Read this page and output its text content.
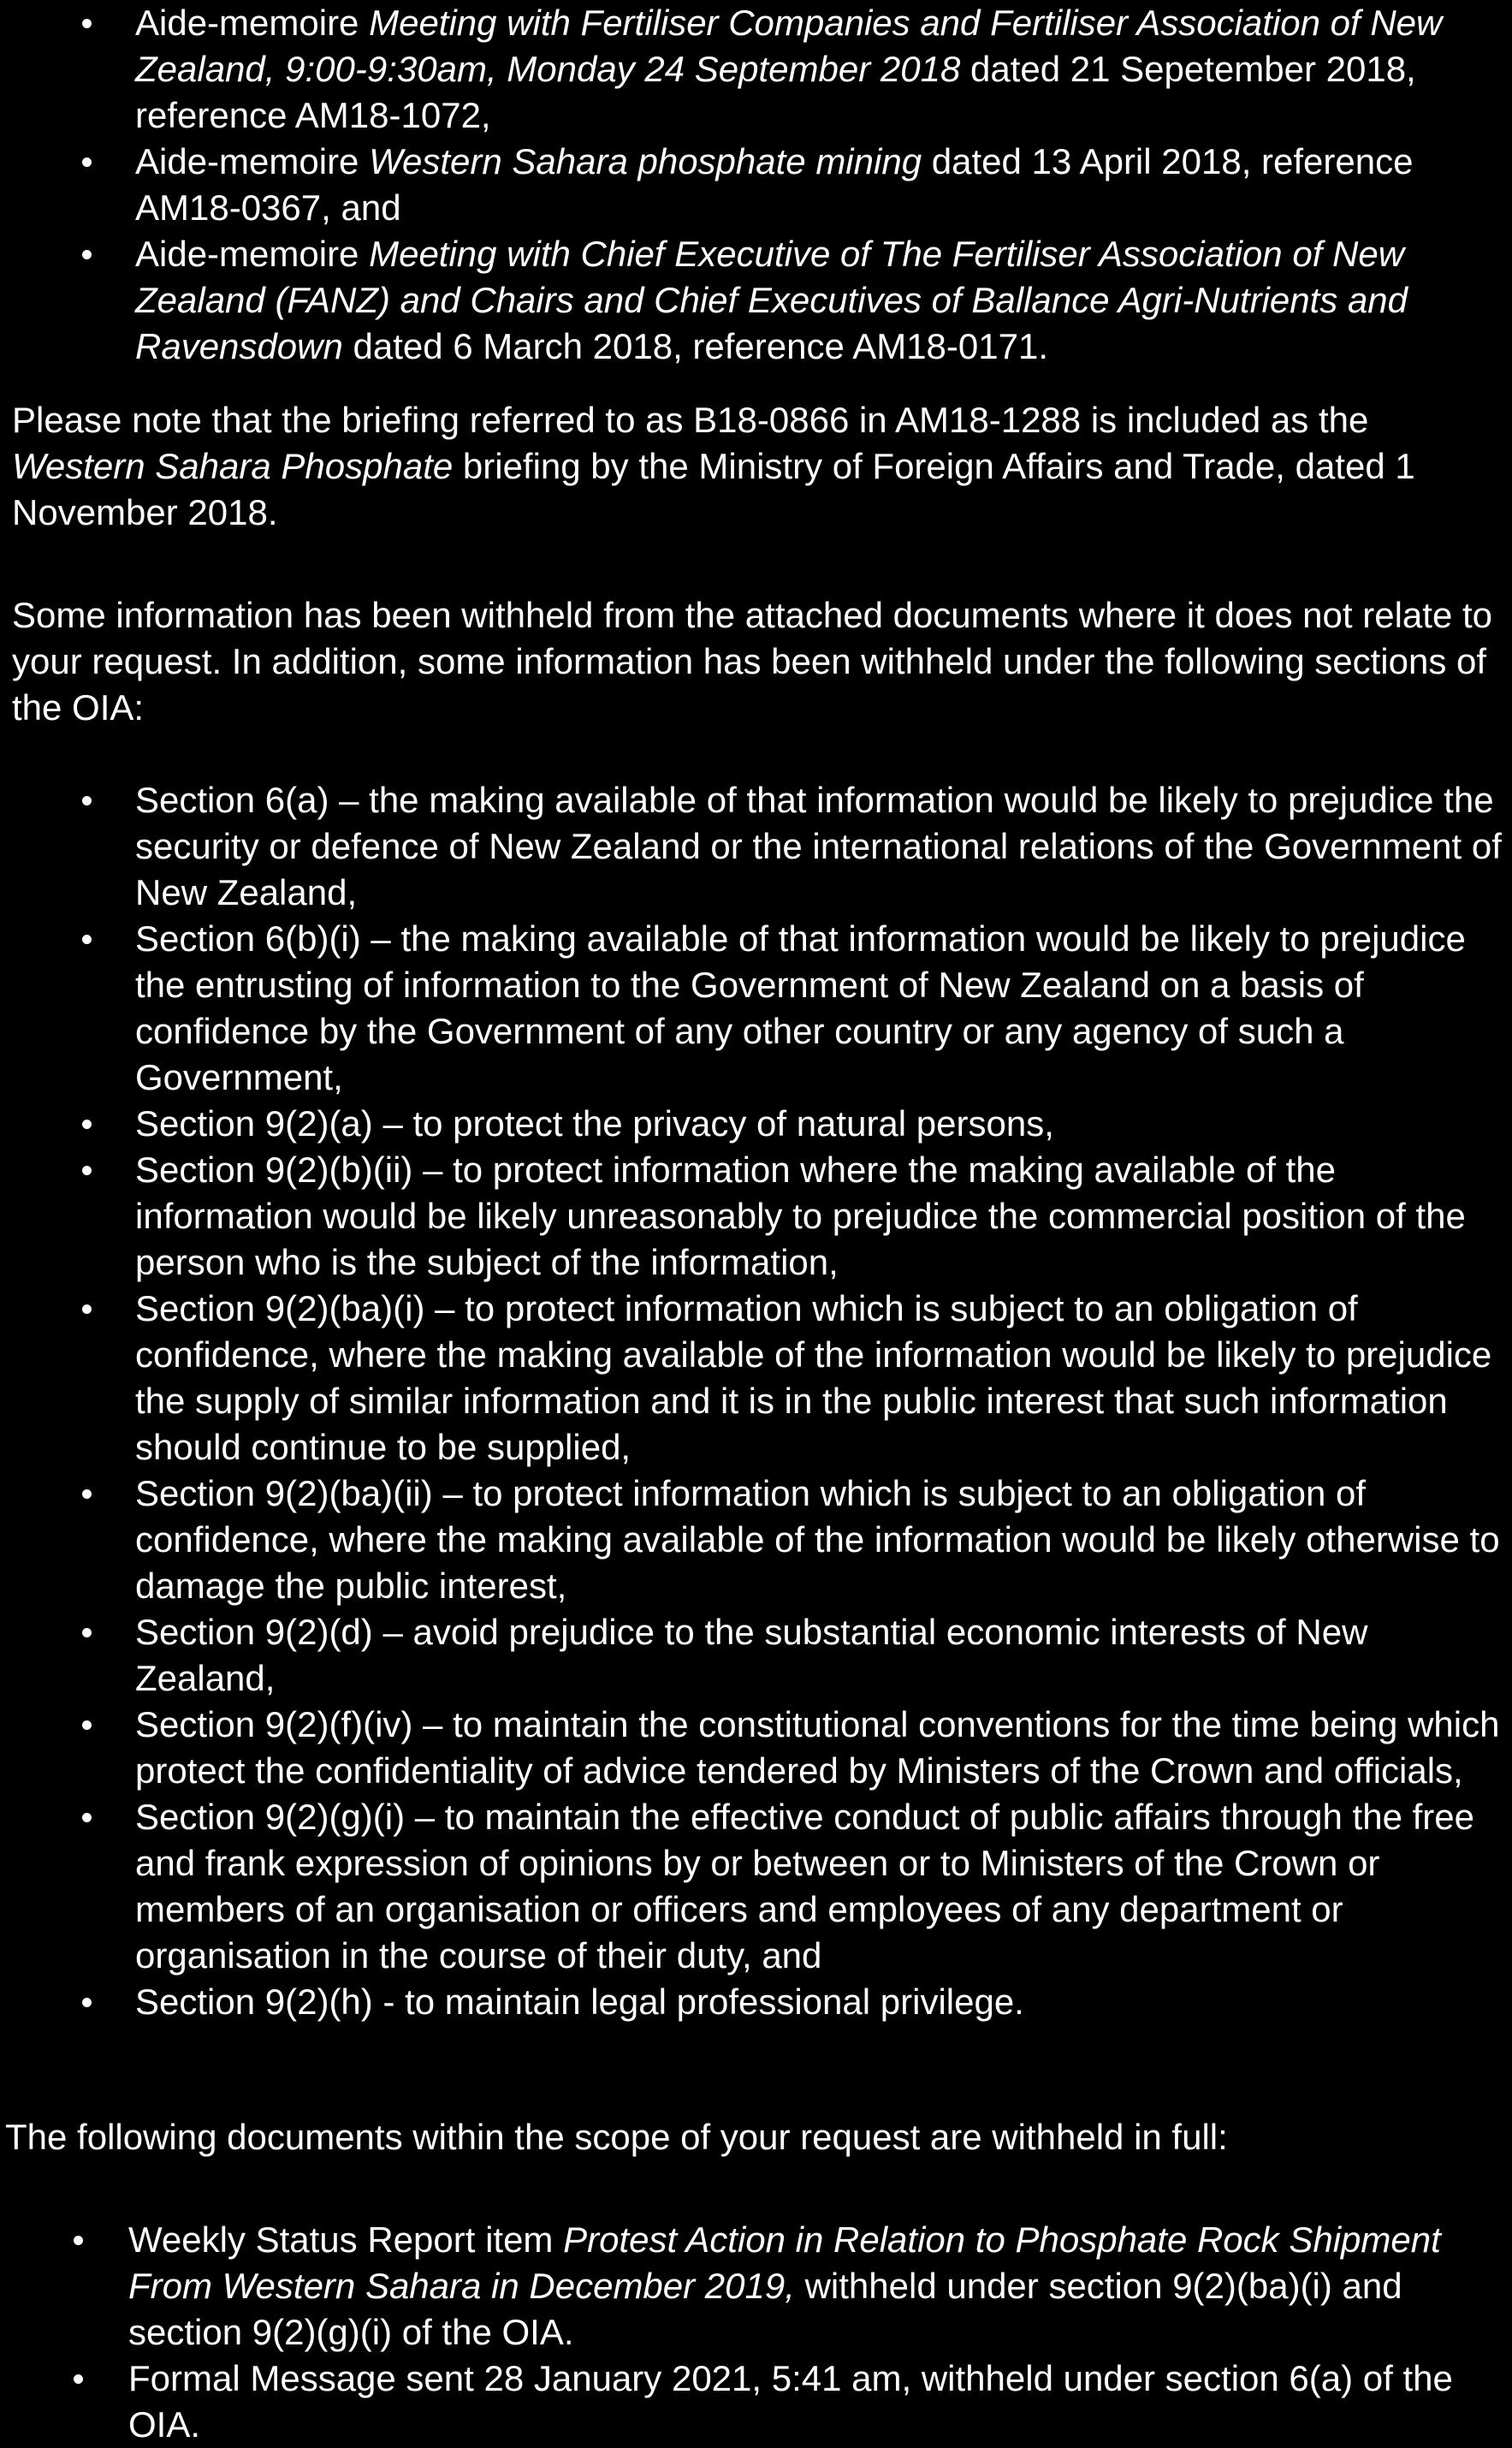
Aide-memoire Meeting with Fertiliser Companies and Fertiliser Association of New Zealand, 9:00-9:30am, Monday 24 September 2018 dated 21 Sepetember 2018, reference AM18-1072,
Aide-memoire Western Sahara phosphate mining dated 13 April 2018, reference AM18-0367, and
Aide-memoire Meeting with Chief Executive of The Fertiliser Association of New Zealand (FANZ) and Chairs and Chief Executives of Ballance Agri-Nutrients and Ravensdown dated 6 March 2018, reference AM18-0171.

Please note that the briefing referred to as B18-0866 in AM18-1288 is included as the Western Sahara Phosphate briefing by the Ministry of Foreign Affairs and Trade, dated 1 November 2018.

Some information has been withheld from the attached documents where it does not relate to your request. In addition, some information has been withheld under the following sections of the OIA:

Section 6(a) – the making available of that information would be likely to prejudice the security or defence of New Zealand or the international relations of the Government of New Zealand,
Section 6(b)(i) – the making available of that information would be likely to prejudice the entrusting of information to the Government of New Zealand on a basis of confidence by the Government of any other country or any agency of such a Government,
Section 9(2)(a) – to protect the privacy of natural persons,
Section 9(2)(b)(ii) – to protect information where the making available of the information would be likely unreasonably to prejudice the commercial position of the person who is the subject of the information,
Section 9(2)(ba)(i) – to protect information which is subject to an obligation of confidence, where the making available of the information would be likely to prejudice the supply of similar information and it is in the public interest that such information should continue to be supplied,
Section 9(2)(ba)(ii) – to protect information which is subject to an obligation of confidence, where the making available of the information would be likely otherwise to damage the public interest,
Section 9(2)(d) – avoid prejudice to the substantial economic interests of New Zealand,
Section 9(2)(f)(iv) – to maintain the constitutional conventions for the time being which protect the confidentiality of advice tendered by Ministers of the Crown and officials,
Section 9(2)(g)(i) – to maintain the effective conduct of public affairs through the free and frank expression of opinions by or between or to Ministers of the Crown or members of an organisation or officers and employees of any department or organisation in the course of their duty, and
Section 9(2)(h) - to maintain legal professional privilege.

The following documents within the scope of your request are withheld in full:

Weekly Status Report item Protest Action in Relation to Phosphate Rock Shipment From Western Sahara in December 2019, withheld under section 9(2)(ba)(i) and section 9(2)(g)(i) of the OIA.
Formal Message sent 28 January 2021, 5:41 am, withheld under section 6(a) of the OIA.
